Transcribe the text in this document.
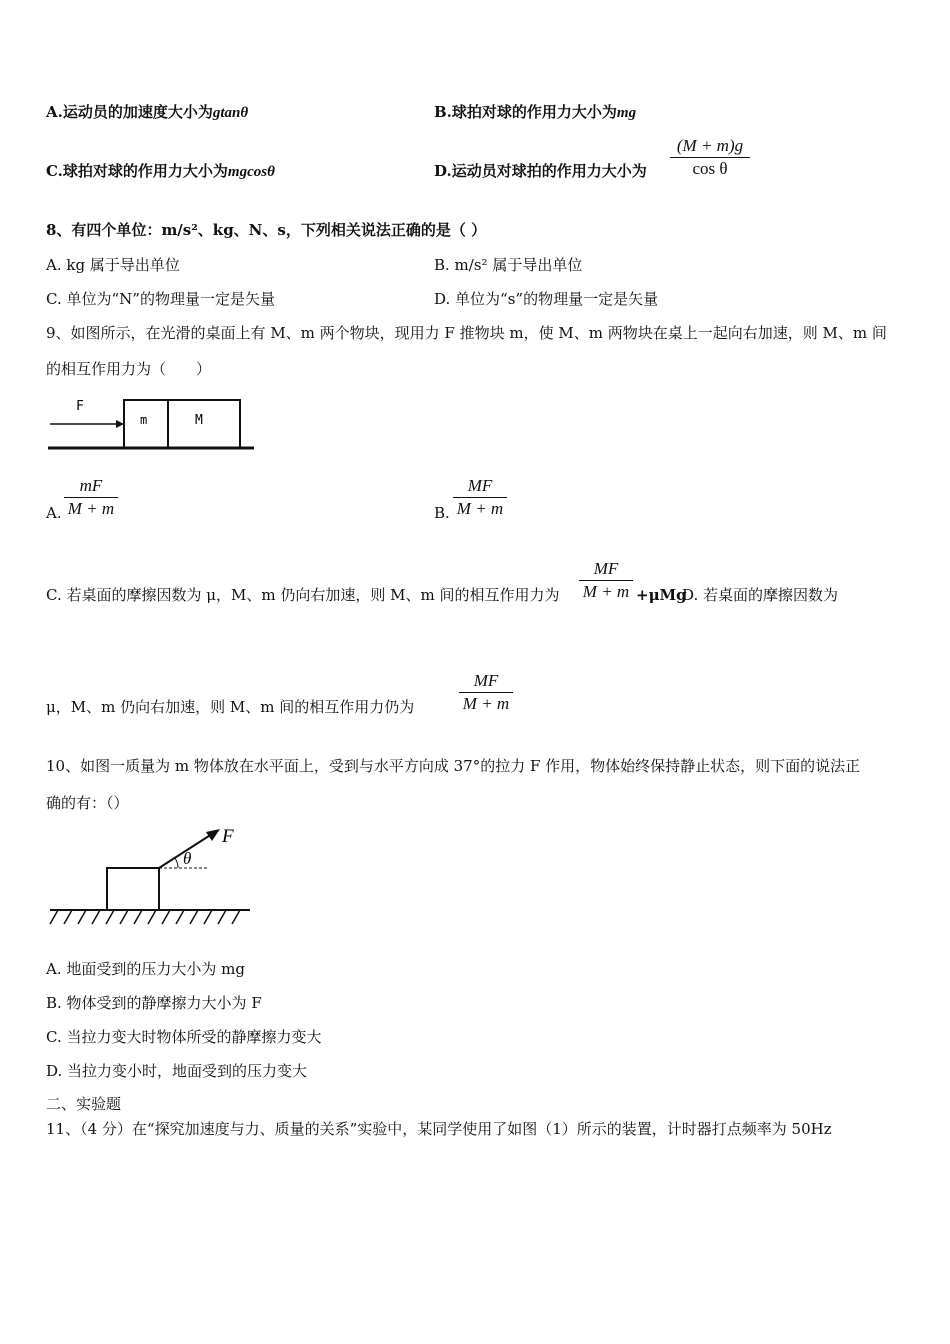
A.运动员的加速度大小为gtanθ	B.球拍对球的作用力大小为mg
C.球拍对球的作用力大小为mgcosθ	D.运动员对球拍的作用力大小为
(M + m)g
cos θ
8、有四个单位：m/s²、kg、N、s，下列相关说法正确的是（ ）
A. kg 属于导出单位	B. m/s² 属于导出单位
C. 单位为“N”的物理量一定是矢量	D. 单位为“s”的物理量一定是矢量
9、如图所示，在光滑的桌面上有 M、m 两个物块，现用力 F 推物块 m，使 M、m 两物块在桌上一起向右加速，则 M、m 间
的相互作用力为（　　）
F
m	M
A.
mF
M + m	B.
MF
M + m
C. 若桌面的摩擦因数为 μ，M、m 仍向右加速，则 M、m 间的相互作用力为
MF
M + m +μMg
D. 若桌面的摩擦因数为
μ，M、m 仍向右加速，则 M、m 间的相互作用力仍为
MF
M + m
10、如图一质量为 m 物体放在水平面上，受到与水平方向成 37°的拉力 F 作用，物体始终保持静止状态，则下面的说法正
确的有：（）
F
θ
A. 地面受到的压力大小为 mg
B. 物体受到的静摩擦力大小为 F
C. 当拉力变大时物体所受的静摩擦力变大
D. 当拉力变小时，地面受到的压力变大
二、实验题
11、（4 分）在“探究加速度与力、质量的关系”实验中，某同学使用了如图（1）所示的装置，计时器打点频率为 50Hz
